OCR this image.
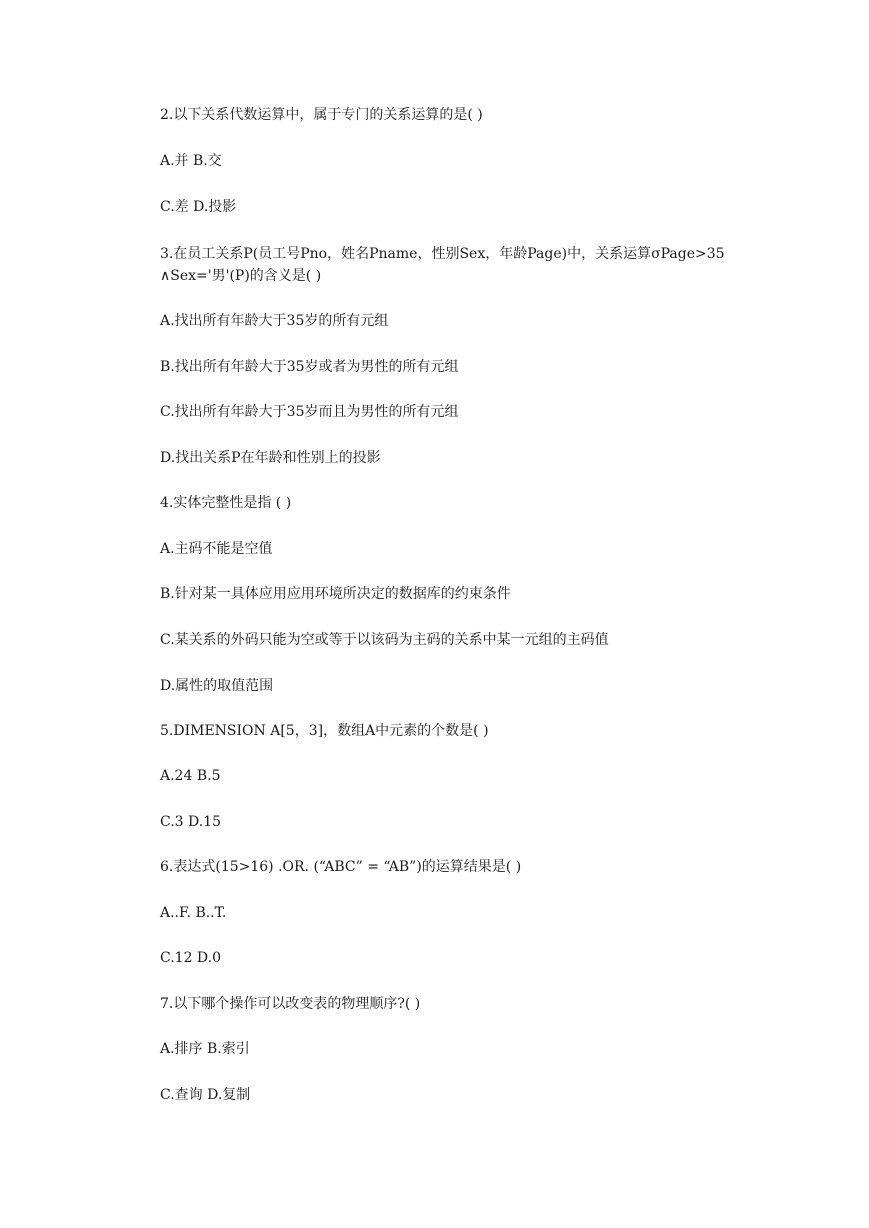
2.以下关系代数运算中，属于专门的关系运算的是( )
A.并 B.交
C.差 D.投影
3.在员工关系P(员工号Pno，姓名Pname，性别Sex，年龄Page)中，关系运算σPage>35
∧Sex='男'(P)的含义是( )
A.找出所有年龄大于35岁的所有元组
B.找出所有年龄大于35岁或者为男性的所有元组
C.找出所有年龄大于35岁而且为男性的所有元组
D.找出关系P在年龄和性别上的投影
4.实体完整性是指 ( )
A.主码不能是空值
B.针对某一具体应用应用环境所决定的数据库的约束条件
C.某关系的外码只能为空或等于以该码为主码的关系中某一元组的主码值
D.属性的取值范围
5.DIMENSION A[5，3]，数组A中元素的个数是( )
A.24 B.5
C.3 D.15
6.表达式(15>16) .OR. (“ABC” = “AB”)的运算结果是( )
A..F. B..T.
C.12 D.0
7.以下哪个操作可以改变表的物理顺序?( )
A.排序 B.索引
C.查询 D.复制
